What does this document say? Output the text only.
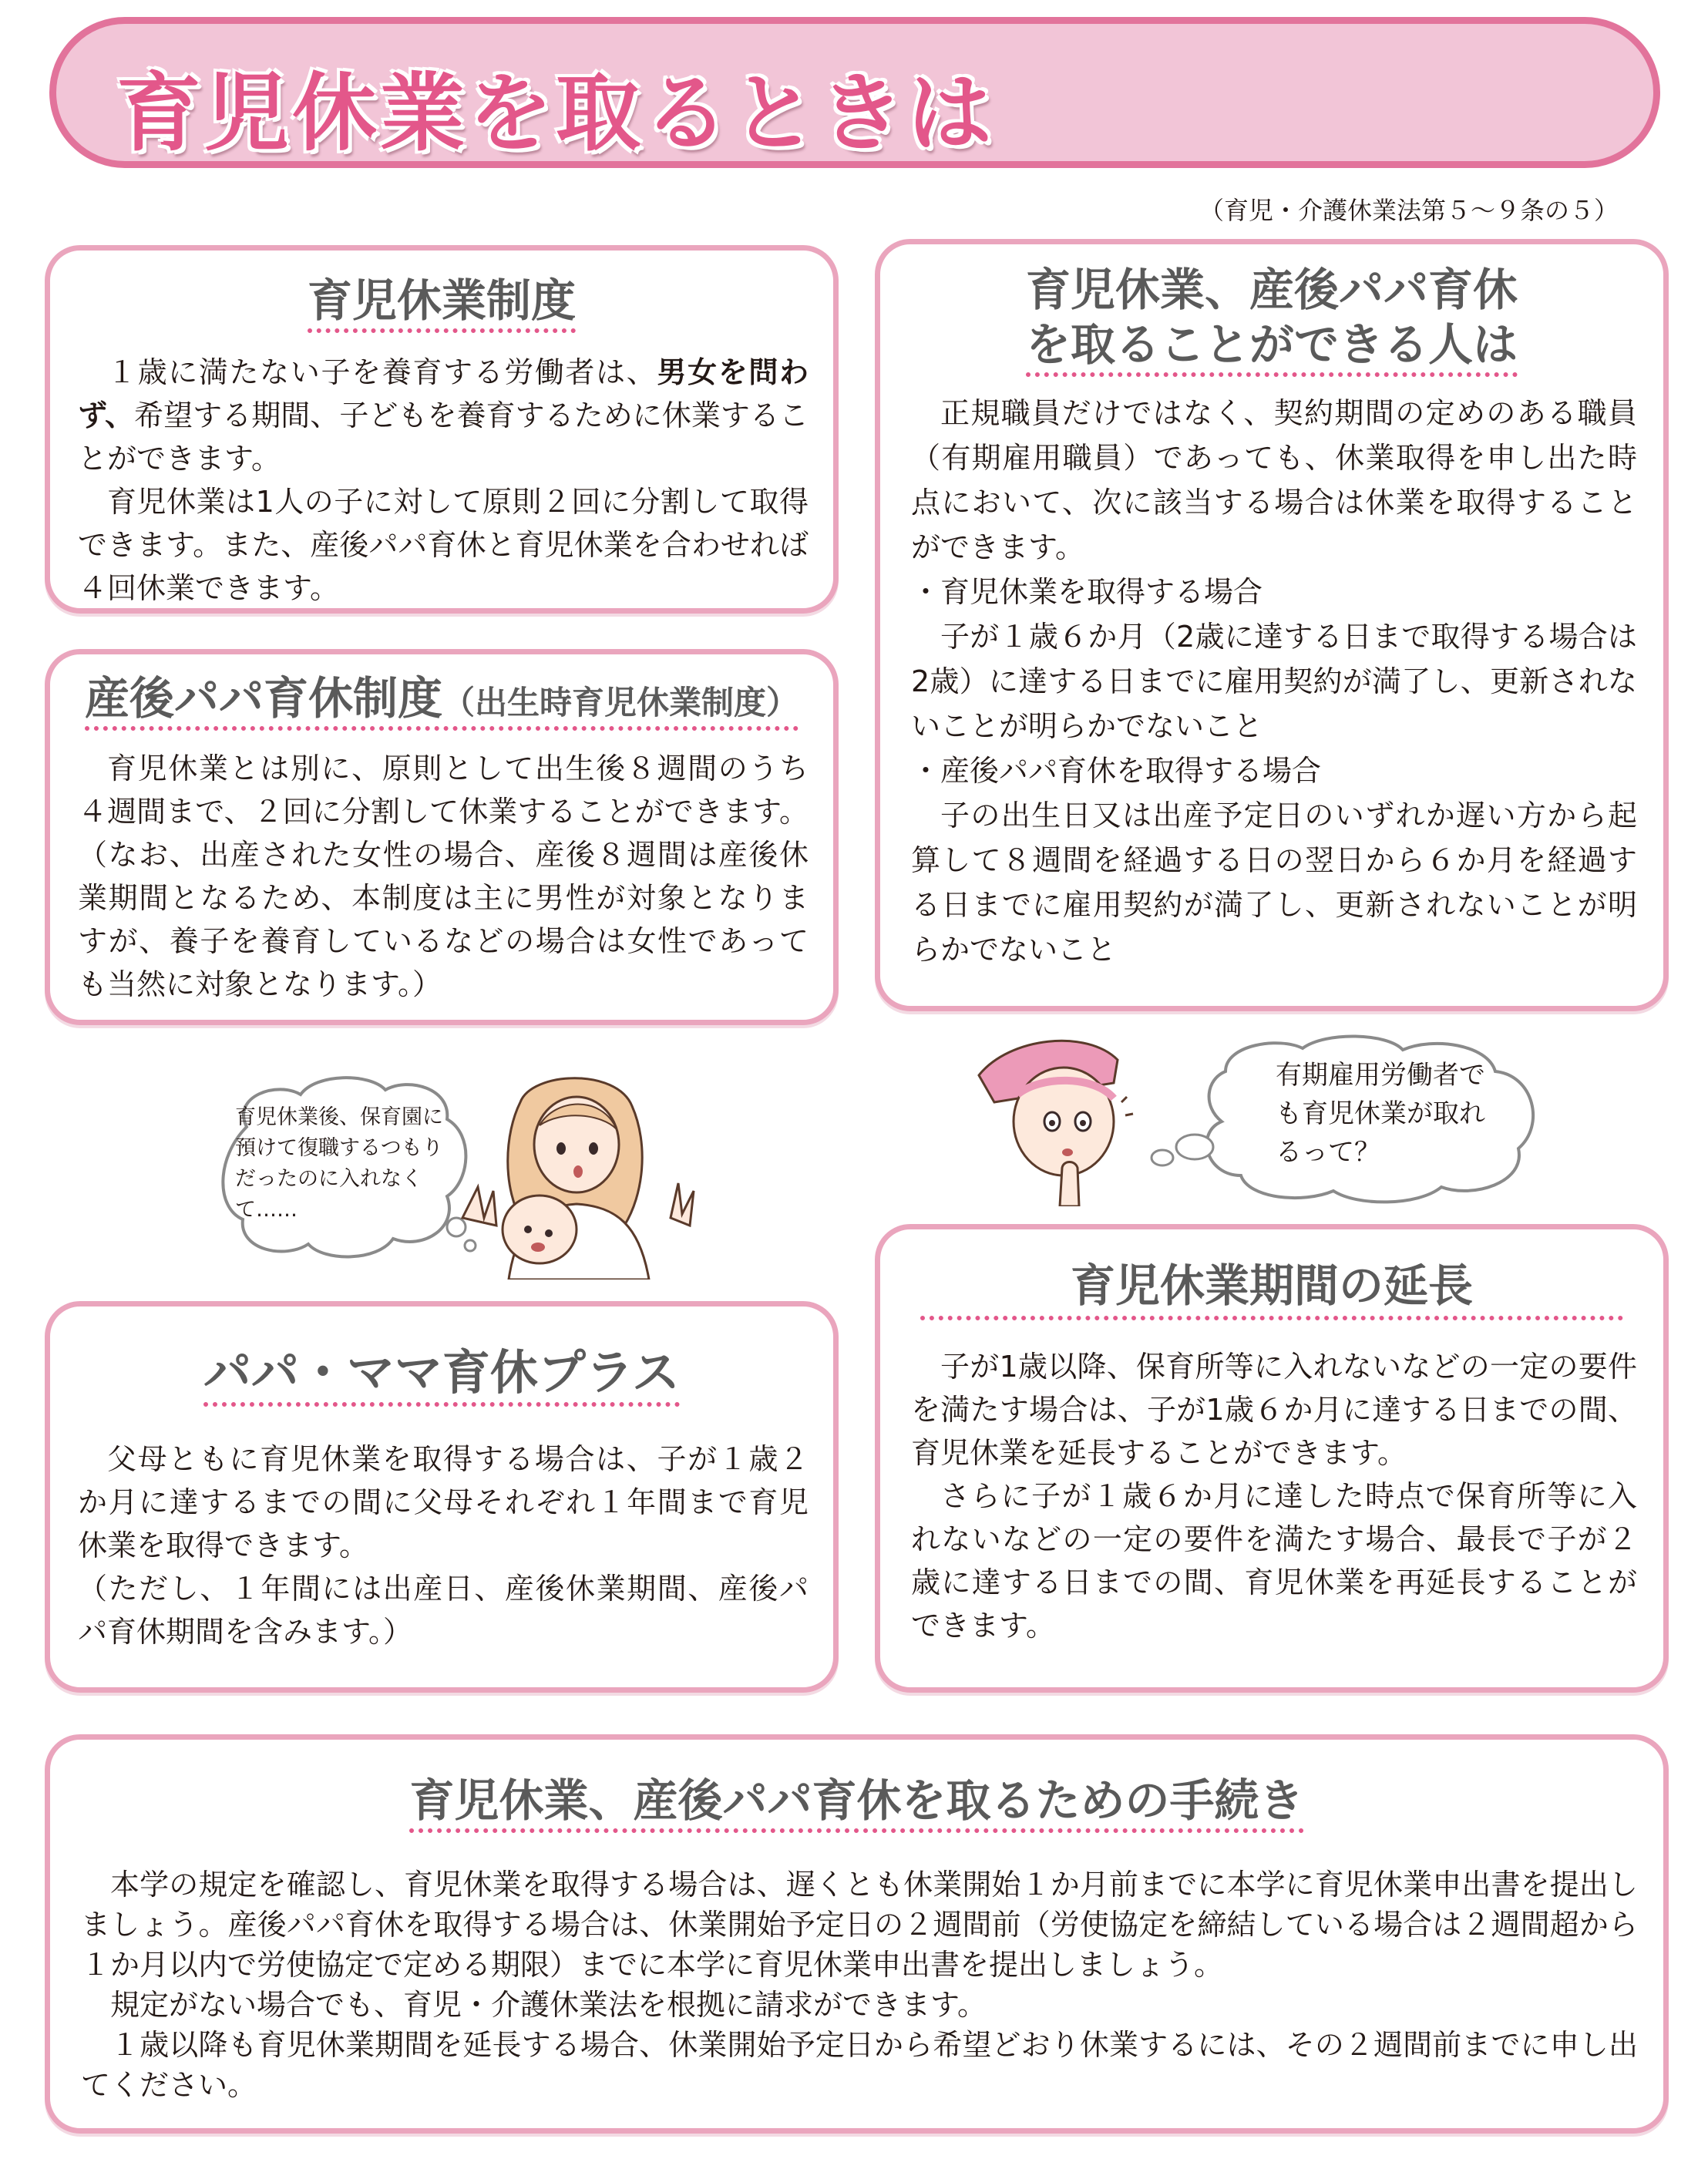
育児休業を取るときは
（育児・介護休業法第５～９条の５）
育児休業制度

１歳に満たない子を養育する労働者は、男女を問わず、希望する期間、子どもを養育するために休業することができます。

育児休業は1人の子に対して原則２回に分割して取得できます。また、産後パパ育休と育児休業を合わせれば４回休業できます。

産後パパ育休制度（出生時育児休業制度）

育児休業とは別に、原則として出生後８週間のうち４週間まで、２回に分割して休業することができます。（なお、出産された女性の場合、産後８週間は産後休業期間となるため、本制度は主に男性が対象となりますが、養子を養育しているなどの場合は女性であっても当然に対象となります。）

育児休業、産後パパ育休
を取ることができる人は

正規職員だけではなく、契約期間の定めのある職員（有期雇用職員）であっても、休業取得を申し出た時点において、次に該当する場合は休業を取得することができます。

・育児休業を取得する場合

子が１歳６か月（2歳に達する日まで取得する場合は2歳）に達する日までに雇用契約が満了し、更新されないことが明らかでないこと

・産後パパ育休を取得する場合

子の出生日又は出産予定日のいずれか遅い方から起算して８週間を経過する日の翌日から６か月を経過する日までに雇用契約が満了し、更新されないことが明らかでないこと

育児休業後、保育園に預けて復職するつもりだったのに入れなくて……
有期雇用労働者でも育児休業が取れるって？
パパ・ママ育休プラス

父母ともに育児休業を取得する場合は、子が１歳２か月に達するまでの間に父母それぞれ１年間まで育児休業を取得できます。

（ただし、１年間には出産日、産後休業期間、産後パパ育休期間を含みます。）

育児休業期間の延長

子が1歳以降、保育所等に入れないなどの一定の要件を満たす場合は、子が1歳６か月に達する日までの間、育児休業を延長することができます。

さらに子が１歳６か月に達した時点で保育所等に入れないなどの一定の要件を満たす場合、最長で子が２歳に達する日までの間、育児休業を再延長することができます。

育児休業、産後パパ育休を取るための手続き

本学の規定を確認し、育児休業を取得する場合は、遅くとも休業開始１か月前までに本学に育児休業申出書を提出しましょう。産後パパ育休を取得する場合は、休業開始予定日の２週間前（労使協定を締結している場合は２週間超から１か月以内で労使協定で定める期限）までに本学に育児休業申出書を提出しましょう。

規定がない場合でも、育児・介護休業法を根拠に請求ができます。

１歳以降も育児休業期間を延長する場合、休業開始予定日から希望どおり休業するには、その２週間前までに申し出てください。
